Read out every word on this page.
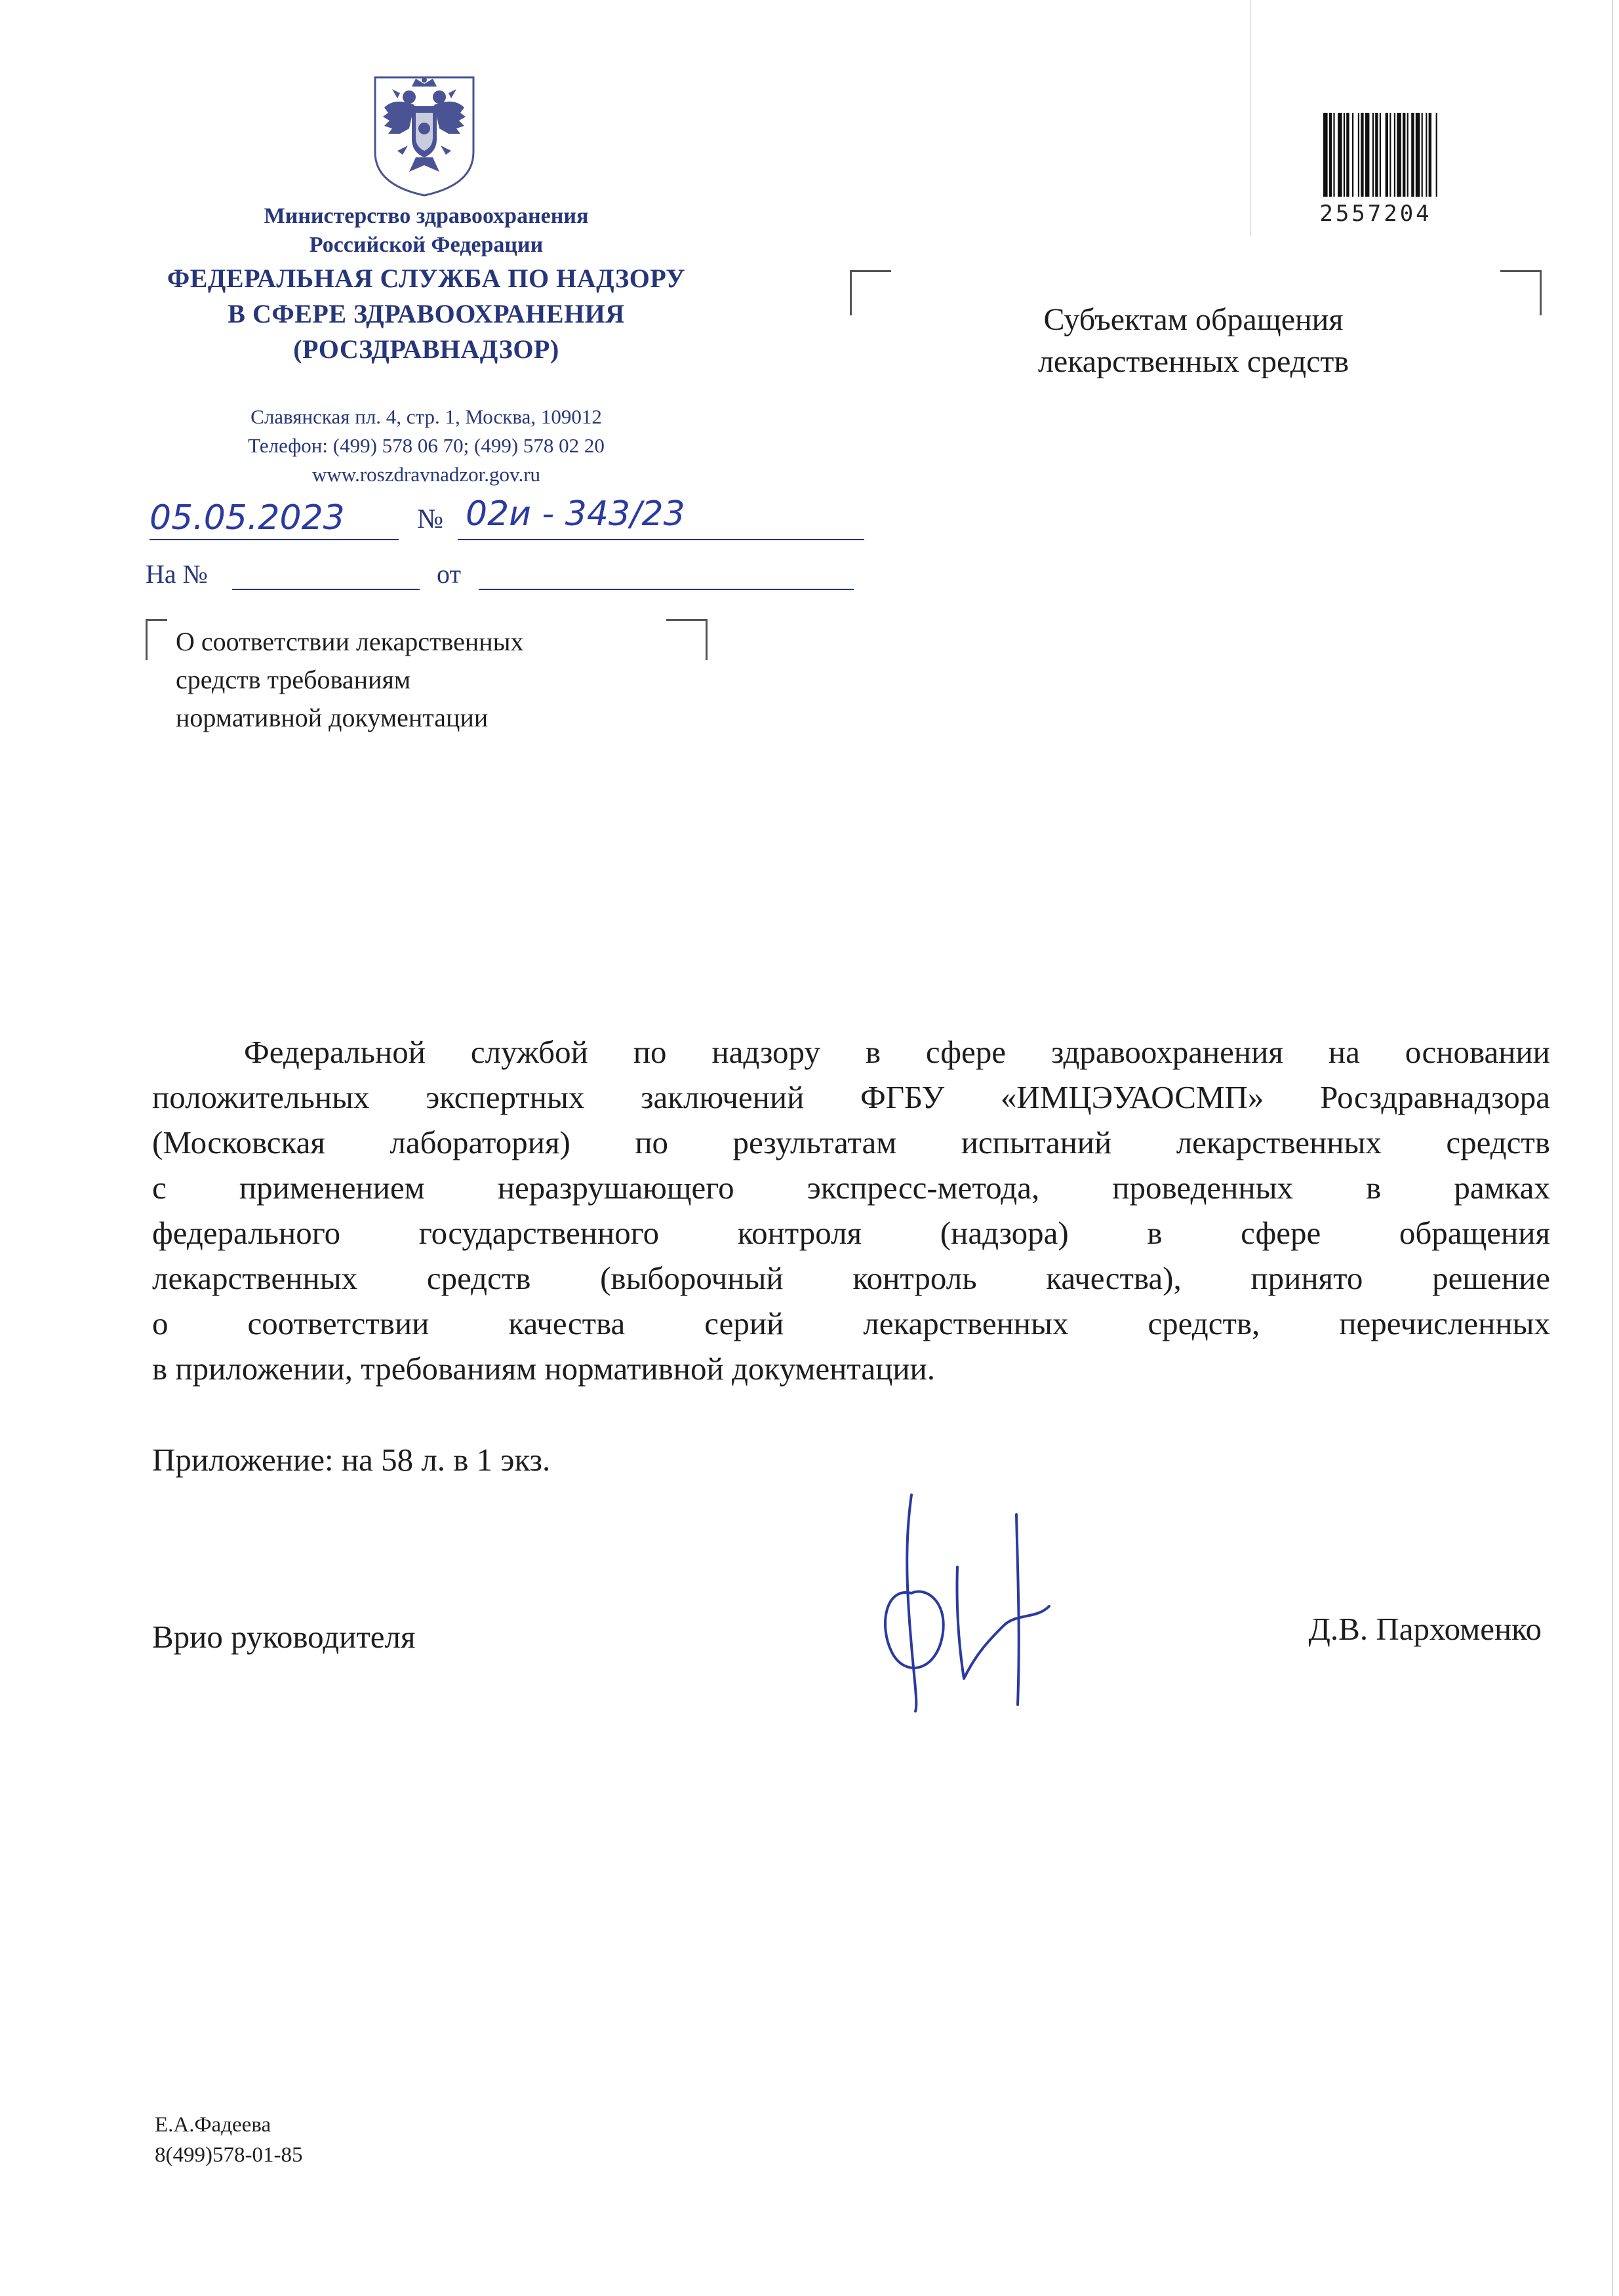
Министерство здравоохранения
Российской Федерации
ФЕДЕРАЛЬНАЯ СЛУЖБА ПО НАДЗОРУ
В СФЕРЕ ЗДРАВООХРАНЕНИЯ
(РОСЗДРАВНАДЗОР)
Славянская пл. 4, стр. 1, Москва, 109012
Телефон: (499) 578 06 70; (499) 578 02 20
www.roszdravnadzor.gov.ru
05.05.2023	№ 02и - 343/23
На №	от
О соответствии лекарственных
средств требованиям
нормативной документации
Субъектам обращения
лекарственных средств
2557204
Федеральной службой по надзору в сфере здравоохранения на основании
положительных экспертных заключений ФГБУ «ИМЦЭУАОСМП» Росздравнадзора
(Московская лаборатория) по результатам испытаний лекарственных средств
с применением неразрушающего экспресс-метода, проведенных в рамках
федерального государственного контроля (надзора) в сфере обращения
лекарственных средств (выборочный контроль качества), принято решение
о соответствии качества серий лекарственных средств, перечисленных
в приложении, требованиям нормативной документации.
Приложение: на 58 л. в 1 экз.
Врио руководителя	Д.В. Пархоменко
Е.А.Фадеева
8(499)578-01-85
